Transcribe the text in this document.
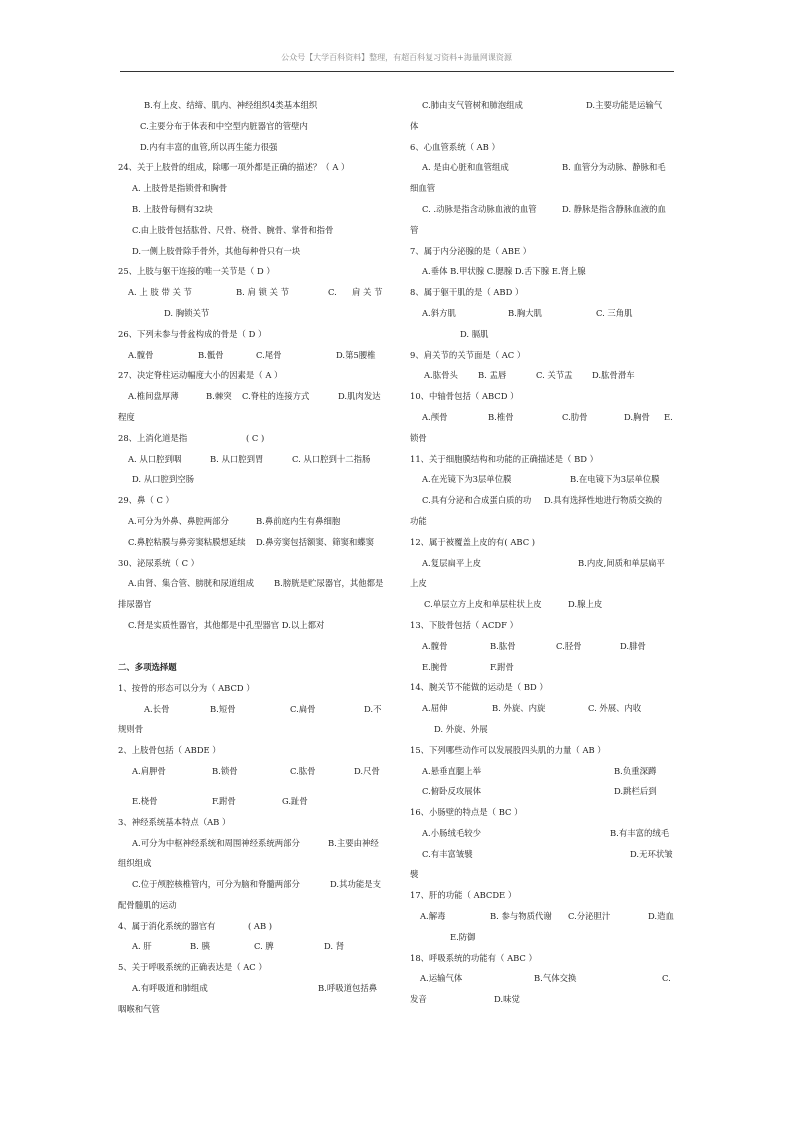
公众号【大学百科资料】整理，有超百科复习资料+海量网课资源
B.有上皮、结缔、肌内、神经组织4类基本组织
C.主要分布于体表和中空型内脏器官的管壁内
D.内有丰富的血管,所以再生能力很强
24、关于上肢骨的组成，除哪一项外都是正确的描述？（ A ）
A. 上肢骨是指锁骨和胸骨
B. 上肢骨每侧有32块
C.由上肢骨包括肱骨、尺骨、桡骨、腕骨、掌骨和指骨
D.一侧上肢骨除手骨外，其他每种骨只有一块
25、上肢与躯干连接的唯一关节是（ D ）
A. 上 肢 带 关 节	B. 肩 锁 关 节	C. 肩 关 节
D. 胸锁关节
26、下列未参与骨盆构成的骨是（ D ）
A.髋骨	B.骶骨	C.尾骨	D.第5腰椎
27、决定脊柱运动幅度大小的因素是（ A ）
A.椎间盘厚薄	B.棘突 C.脊柱的连接方式	D.肌肉发达
程度
28、上消化道是指	( C )
A. 从口腔到咽	B. 从口腔到胃	C. 从口腔到十二指肠
D. 从口腔到空肠
29、鼻（ C ）
A.可分为外鼻、鼻腔两部分	B.鼻前庭内生有鼻细胞
C.鼻腔粘膜与鼻旁窦粘膜想延续 D.鼻旁窦包括额窦、筛窦和蝶窦
30、泌尿系统（ C ）
A.由肾、集合管、膀胱和尿道组成 B.膀胱是贮尿器官，其他都是
排尿器官
C.肾是实质性器官，其他都是中孔型器官 D.以上都对
二、多项选择题
1、按骨的形态可以分为（ ABCD ）
A.长骨	B.短骨	C.扁骨	D.不
规则骨
2、上肢骨包括（ ABDE ）
A.肩胛骨	B.锁骨	C.肱骨	D.尺骨
E.桡骨	F.跗骨	G.趾骨
3、神经系统基本特点（AB ）
A.可分为中枢神经系统和周围神经系统两部分	B.主要由神经
组织组成
C.位于颅腔核椎管内，可分为脑和脊髓两部分	D.其功能是支
配骨髓肌的运动
4、属于消化系统的器官有	( AB )
A. 肝	B. 胰	C. 脾	D. 肾
5、关于呼吸系统的正确表达是（ AC ）
A.有呼吸道和肺组成	B.呼吸道包括鼻
咽喉和气管
C.肺由支气管树和肺泡组成	D.主要功能是运输气
体
6、心血管系统（ AB ）
A. 是由心脏和血管组成	B. 血管分为动脉、静脉和毛
细血管
C. .动脉是指含动脉血液的血管	D. 静脉是指含静脉血液的血
管
7、属于内分泌腺的是（ ABE ）
A.垂体 B.甲状腺 C.腮腺 D.舌下腺 E.肾上腺
8、属于躯干肌的是（ ABD ）
A.斜方肌	B.胸大肌	C. 三角肌
D. 膈肌
9、肩关节的关节面是（ AC ）
A.肱骨头 B. 盂唇	C. 关节盂 D.肱骨滑车
10、中轴骨包括（ ABCD ）
A.颅骨	B.椎骨	C.肋骨	D.胸骨 E.
锁骨
11、关于细胞膜结构和功能的正确描述是（ BD ）
A.在光镜下为3层单位膜	B.在电镜下为3层单位膜
C.具有分泌和合成蛋白质的功 D.具有选择性地进行物质交换的
功能
12、属于被覆盖上皮的有( ABC )
A.复层扁平上皮	B.内皮,间质和单层扁平
上皮
C.单层立方上皮和单层柱状上皮	D.腺上皮
13、下肢骨包括（ ACDF ）
A.髋骨	B.肱骨	C.胫骨	D.腓骨
E.腕骨	F.跗骨
14、腕关节不能做的运动是（ BD ）
A.屈伸	B. 外旋、内旋	C. 外展、内收
D. 外旋、外展
15、下列哪些动作可以发展股四头肌的力量（ AB ）
A.悬垂直腿上举	B.负重深蹲
C.俯卧反攻展体	D.跳栏后到
16、小肠壁的特点是（ BC ）
A.小肠绒毛较少	B.有丰富的绒毛
C.有丰富皱襞	D.无环状皱
襞
17、肝的功能（ ABCDE ）
A.解毒	B. 参与物质代谢 C.分泌胆汁	D.造血
E.防御
18、呼吸系统的功能有（ ABC ）
A.运输气体	B.气体交换	C.
发音	D.味觉
